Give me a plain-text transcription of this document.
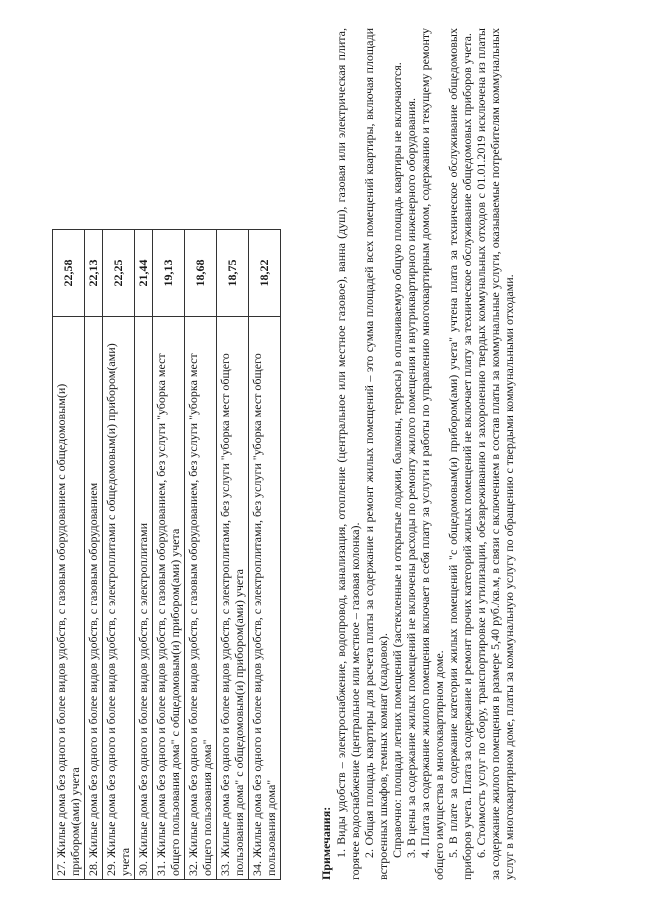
27. Жилые дома без одного и более видов удобств, с газовым оборудованием с общедомовым(и) прибором(ами) учета	22,58
28. Жилые дома без одного и более видов удобств, с газовым оборудованием	22,13
29. Жилые дома без одного и более видов удобств, с электроплитами с общедомовым(и) прибором(ами) учета	22,25
30. Жилые дома без одного и более видов удобств, с электроплитами	21,44
31. Жилые дома без одного и более видов удобств, с газовым оборудованием, без услуги "уборка мест общего пользования дома" с общедомовым(и) прибором(ами) учета	19,13
32. Жилые дома без одного и более видов удобств, с газовым оборудованием, без услуги "уборка мест общего пользования дома"	18,68
33. Жилые дома без одного и более видов удобств, с электроплитами, без услуги "уборка мест общего пользования дома" с общедомовым(и) прибором(ами) учета	18,75
34. Жилые дома без одного и более видов удобств, с электроплитами, без услуги "уборка мест общего пользования дома"	18,22
Примечания: 1. Виды удобств – электроснабжение, водопровод, канализация, отопление (центральное или местное газовое), ванна (душ), газовая или электрическая плита, горячее водоснабжение (центральное или местное – газовая колонка). 2. Общая площадь квартиры для расчета платы за содержание и ремонт жилых помещений – это сумма площадей всех помещений квартиры, включая площади встроенных шкафов, темных комнат (кладовок). Справочно: площади летних помещений (застекленные и открытые лоджии, балконы, террасы) в оплачиваемую общую площадь квартиры не включаются. 3. В цены за содержание жилых помещений не включены расходы по ремонту жилого помещения и внутриквартирного инженерного оборудования. 4. Плата за содержание жилого помещения включает в себя плату за услуги и работы по управлению многоквартирным домом, содержанию и текущему ремонту общего имущества в многоквартирном доме. 5. В плате за содержание категории жилых помещений "с общедомовым(и) прибором(ами) учета" учтена плата за техническое обслуживание общедомовых приборов учета. Плата за содержание и ремонт прочих категорий жилых помещений не включает плату за техническое обслуживание общедомовых приборов учета. 6. Стоимость услуг по сбору, транспортировке и утилизации, обезвреживанию и захоронению твердых коммунальных отходов с 01.01.2019 исключена из платы за содержание жилого помещения в размере 5,40 руб./кв.м, в связи с включением в состав платы за коммунальные услуги, оказываемые потребителям коммунальных услуг в многоквартирном доме, платы за коммунальную услугу по обращению с твердыми коммунальными отходами.
